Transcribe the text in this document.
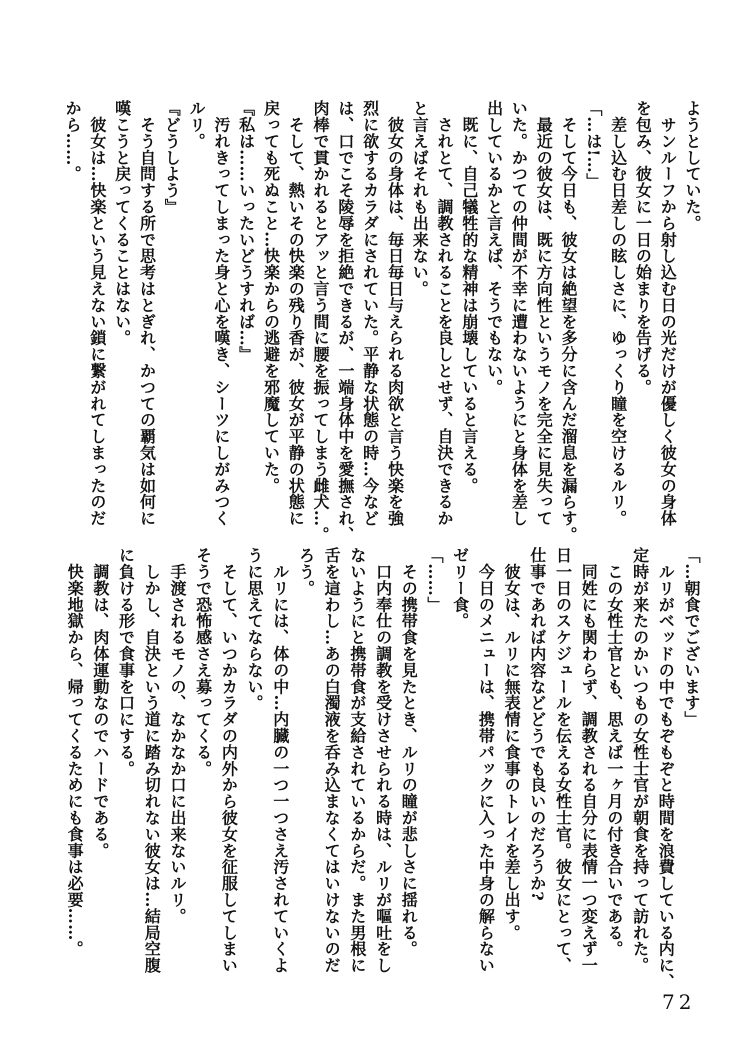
ようとしていた。
　サンルーフから射し込む日の光だけが優しく彼女の身体
を包み、彼女に一日の始まりを告げる。
　差し込む日差しの眩しさに、ゆっくり瞳を空けるルリ。
「…は!…」
　そして今日も、彼女は絶望を多分に含んだ溜息を漏らす。
　最近の彼女は、既に方向性というモノを完全に見失って
いた。かつての仲間が不幸に遭わないようにと身体を差し
出しているかと言えば、そうでもない。
　既に、自己犠牲的な精神は崩壊していると言える。
　されとて、調教されることを良しとせず、自決できるか
と言えばそれも出来ない。
　彼女の身体は、毎日毎日与えられる肉欲と言う快楽を強
烈に欲するカラダにされていた。平静な状態の時…今など
は、口でこそ陵辱を拒絶できるが、一端身体中を愛撫され、
肉棒で貫かれるとアッと言う間に腰を振ってしまう雌犬…。
　そして、熱いその快楽の残り香が、彼女が平静の状態に
戻っても死ぬこと…快楽からの逃避を邪魔していた。
『私は……いったいどうすれば…』
　汚れきってしまった身と心を嘆き、シーツにしがみつく
ルリ。
『どうしよう』
　そう自問する所で思考はとぎれ、かつての覇気は如何に
嘆こうと戻ってくることはない。
　彼女は…快楽という見えない鎖に繋がれてしまったのだ
から……。
「…朝食でございます」
　ルリがベッドの中でもぞもぞと時間を浪費している内に、
定時が来たのかいつもの女性士官が朝食を持って訪れた。
　この女性士官とも、思えば一ヶ月の付き合いである。
　同姓にも関わらず、調教される自分に表情一つ変えず一
日一日のスケジュールを伝える女性士官。彼女にとって、
仕事であれば内容などどうでも良いのだろうか?
　彼女は、ルリに無表情に食事のトレイを差し出す。
　今日のメニューは、携帯パックに入った中身の解らない
ゼリー食。
「……」
　その携帯食を見たとき、ルリの瞳が悲しさに揺れる。
　口内奉仕の調教を受けさせられる時は、ルリが嘔吐をし
ないようにと携帯食が支給されているからだ。また男根に
舌を這わし…あの白濁液を呑み込まなくてはいけないのだ
ろう。
　ルリには、体の中…内臓の一つ一つさえ汚されていくよ
うに思えてならない。
　そして、いつかカラダの内外から彼女を征服してしまい
そうで恐怖感さえ募ってくる。
　手渡されるモノの、なかなか口に出来ないルリ。
　しかし、自決という道に踏み切れない彼女は…結局空腹
に負ける形で食事を口にする。
　調教は、肉体運動なのでハードである。
　快楽地獄から、帰ってくるためにも食事は必要……。
72
